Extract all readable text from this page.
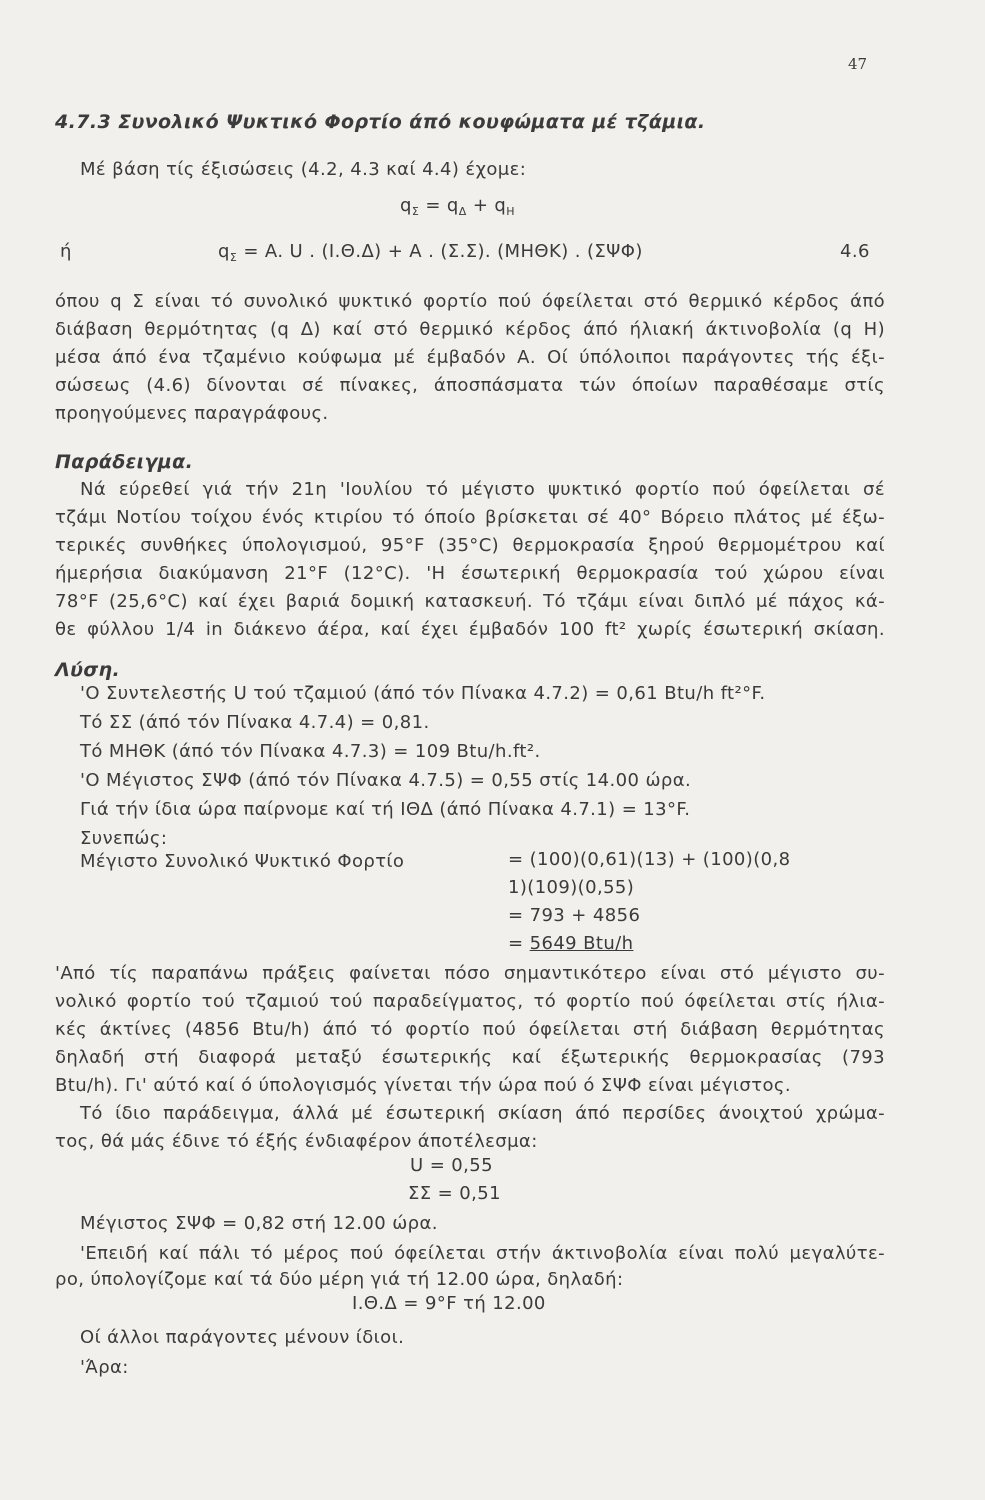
47
4.7.3 Συνολικό Ψυκτικό Φορτίο άπό κουφώματα μέ τζάμια.
Μέ βάση τίς έξισώσεις (4.2, 4.3 καί 4.4) έχομε:
$q_\Sigma = q_\Delta + q_H$
ή	$q_\Sigma = A$. U . (I.Θ.Δ) + A . (Σ.Σ). (ΜΗΘΚ) . (ΣΨΦ)	4.6
όπου q Σ είναι τό συνολικό ψυκτικό φορτίο πού όφείλεται στό θερμικό κέρδος άπό
διάβαση θερμότητας (q Δ) καί στό θερμικό κέρδος άπό ήλιακή άκτινοβολία (q Η)
μέσα άπό ένα τζαμένιο κούφωμα μέ έμβαδόν Α. Οί ύπόλοιποι παράγοντες τής έξι-
σώσεως (4.6) δίνονται σέ πίνακες, άποσπάσματα τών όποίων παραθέσαμε στίς
προηγούμενες παραγράφους.
Παράδειγμα.
Νά εύρεθεί γιά τήν 21η 'Ιουλίου τό μέγιστο ψυκτικό φορτίο πού όφείλεται σέ
τζάμι Νοτίου τοίχου ένός κτιρίου τό όποίο βρίσκεται σέ 40° Βόρειο πλάτος μέ έξω-
τερικές συνθήκες ύπολογισμού, 95°F (35°C) θερμοκρασία ξηρού θερμομέτρου καί
ήμερήσια διακύμανση 21°F (12°C). 'Η έσωτερική θερμοκρασία τού χώρου είναι
78°F (25,6°C) καί έχει βαριά δομική κατασκευή. Τό τζάμι είναι διπλό μέ πάχος κά-
θε φύλλου 1/4 in διάκενο άέρα, καί έχει έμβαδόν 100 ft² χωρίς έσωτερική σκίαση.
Λύση.
'Ο Συντελεστής U τού τζαμιού (άπό τόν Πίνακα 4.7.2) = 0,61 Btu/h ft²°F.
Τό ΣΣ (άπό τόν Πίνακα 4.7.4) = 0,81.
Τό ΜΗΘΚ (άπό τόν Πίνακα 4.7.3) = 109 Btu/h.ft².
'Ο Μέγιστος ΣΨΦ (άπό τόν Πίνακα 4.7.5) = 0,55 στίς 14.00 ώρα.
Γιά τήν ίδια ώρα παίρνομε καί τή ΙΘΔ (άπό Πίνακα 4.7.1) = 13°F.
Συνεπώς:
Μέγιστο Συνολικό Ψυκτικό Φορτίο	= (100)(0,61)(13) + (100)(0,8
1)(109)(0,55)
= 793 + 4856
= 5649 Btu/h
'Από τίς παραπάνω πράξεις φαίνεται πόσο σημαντικότερο είναι στό μέγιστο συ-
νολικό φορτίο τού τζαμιού τού παραδείγματος, τό φορτίο πού όφείλεται στίς ήλια-
κές άκτίνες (4856 Btu/h) άπό τό φορτίο πού όφείλεται στή διάβαση θερμότητας
δηλαδή στή διαφορά μεταξύ έσωτερικής καί έξωτερικής θερμοκρασίας (793
Btu/h). Γι' αύτό καί ό ύπολογισμός γίνεται τήν ώρα πού ό ΣΨΦ είναι μέγιστος.
Τό ίδιο παράδειγμα, άλλά μέ έσωτερική σκίαση άπό περσίδες άνοιχτού χρώμα-
τος, θά μάς έδινε τό έξής ένδιαφέρον άποτέλεσμα:
U = 0,55
ΣΣ = 0,51
Μέγιστος ΣΨΦ = 0,82 στή 12.00 ώρα.
'Επειδή καί πάλι τό μέρος πού όφείλεται στήν άκτινοβολία είναι πολύ μεγαλύτε-
ρο, ύπολογίζομε καί τά δύο μέρη γιά τή 12.00 ώρα, δηλαδή:
Ι.Θ.Δ = 9°F τή 12.00
Οί άλλοι παράγοντες μένουν ίδιοι.
'Άρα:
